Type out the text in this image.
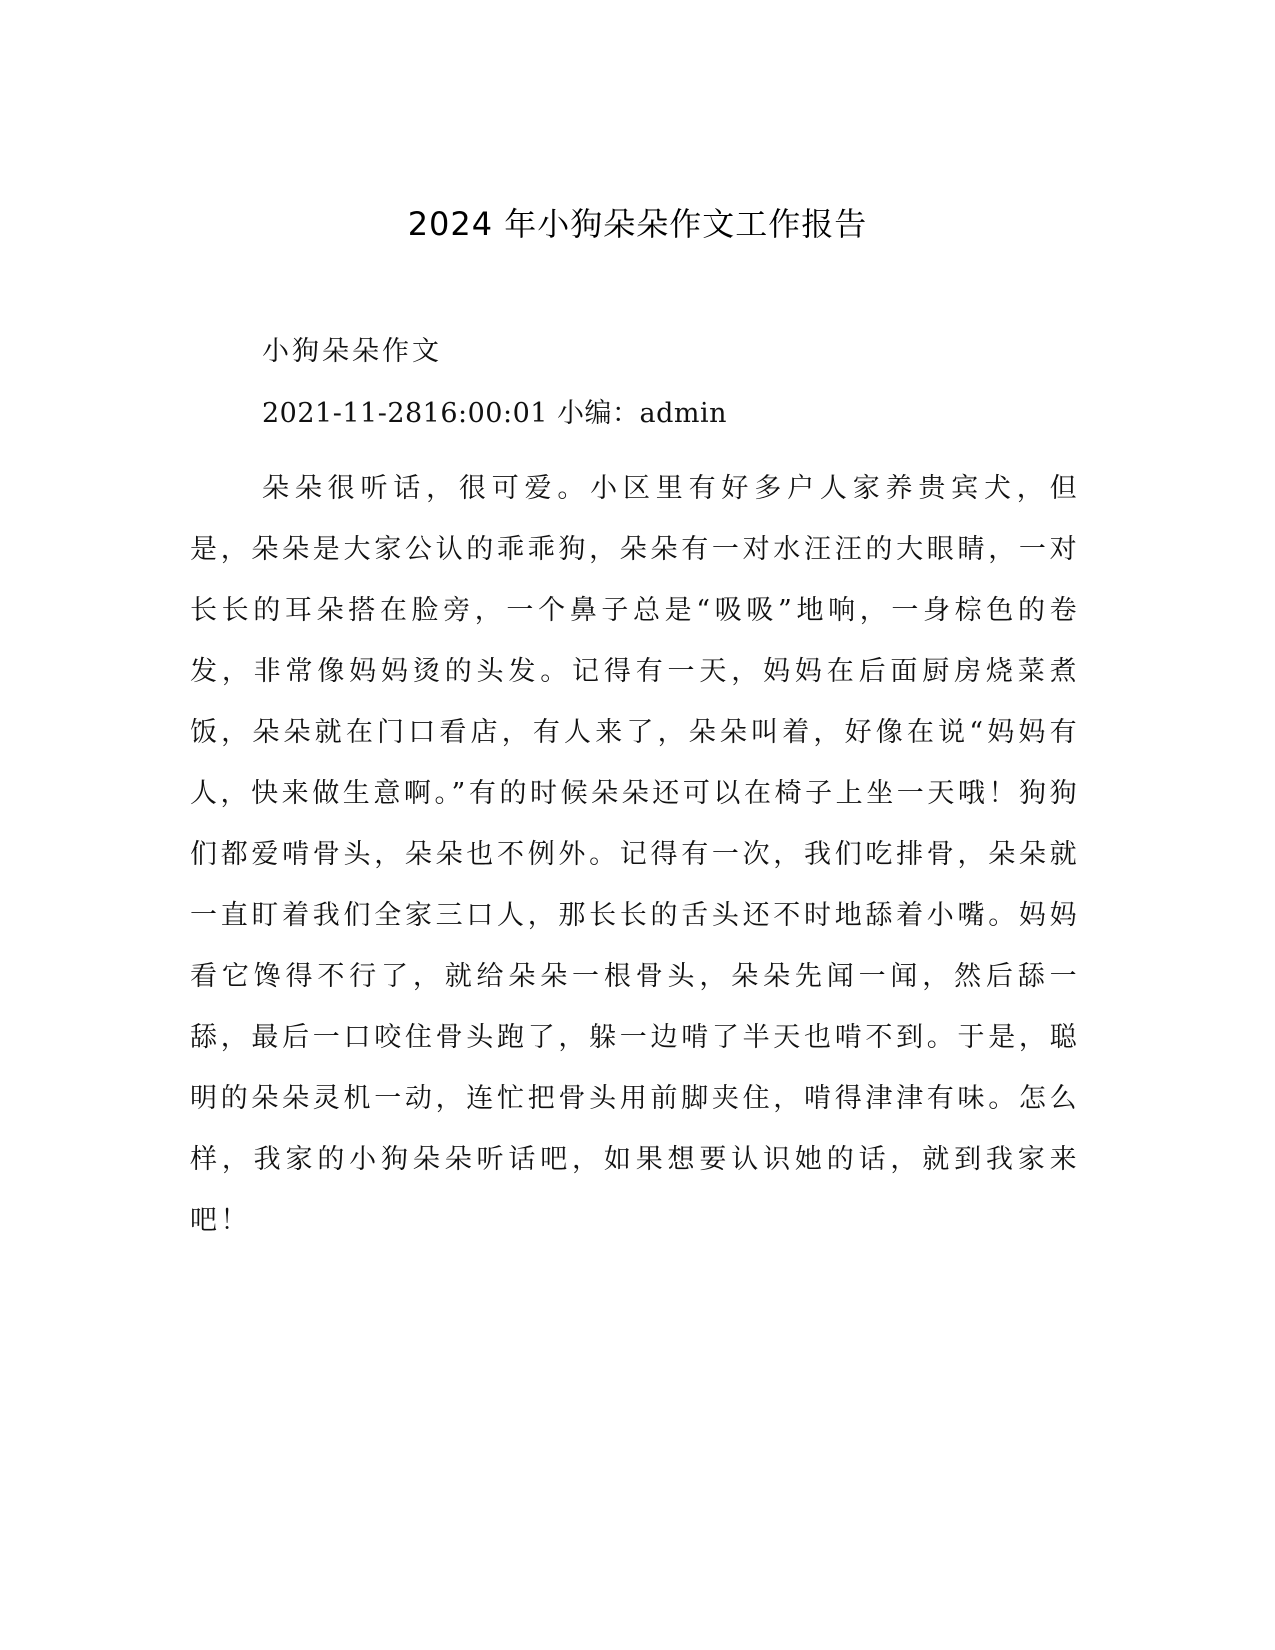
2024 年小狗朵朵作文工作报告
小狗朵朵作文

2021-11-2816:00:01 小编：admin

朵朵很听话，很可爱。小区里有好多户人家养贵宾犬，但是，朵朵是大家公认的乖乖狗，朵朵有一对水汪汪的大眼睛，一对长长的耳朵搭在脸旁，一个鼻子总是“吸吸”地响，一身棕色的卷发，非常像妈妈烫的头发。记得有一天，妈妈在后面厨房烧菜煮饭，朵朵就在门口看店，有人来了，朵朵叫着，好像在说“妈妈有人，快来做生意啊。”有的时候朵朵还可以在椅子上坐一天哦！狗狗们都爱啃骨头，朵朵也不例外。记得有一次，我们吃排骨，朵朵就一直盯着我们全家三口人，那长长的舌头还不时地舔着小嘴。妈妈看它馋得不行了，就给朵朵一根骨头，朵朵先闻一闻，然后舔一舔，最后一口咬住骨头跑了，躲一边啃了半天也啃不到。于是，聪明的朵朵灵机一动，连忙把骨头用前脚夹住，啃得津津有味。怎么样，我家的小狗朵朵听话吧，如果想要认识她的话，就到我家来吧！
